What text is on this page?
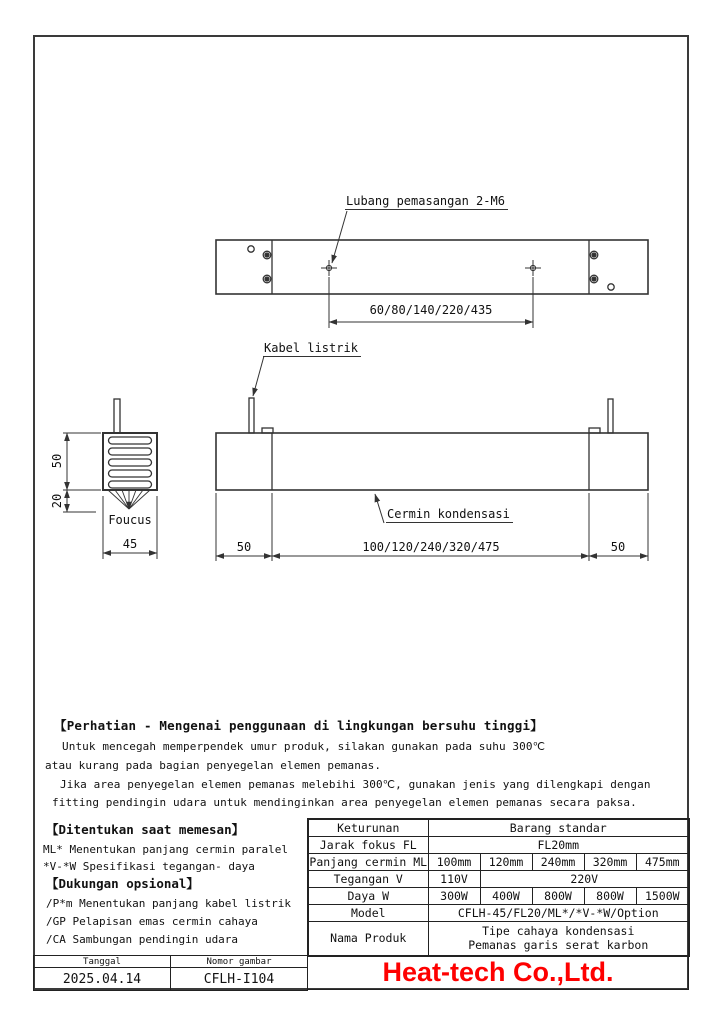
Lubang pemasangan 2-M6
60/80/140/220/435
Kabel listrik
Cermin kondensasi
50	100/120/240/320/475	50
Foucus
45
50
20
【Perhatian - Mengenai penggunaan di lingkungan bersuhu tinggi】
Untuk mencegah memperpendek umur produk, silakan gunakan pada suhu 300℃
atau kurang pada bagian penyegelan elemen pemanas.
Jika area penyegelan elemen pemanas melebihi 300℃, gunakan jenis yang dilengkapi dengan
fitting pendingin udara untuk mendinginkan area penyegelan elemen pemanas secara paksa.
【Ditentukan saat memesan】
ML* Menentukan panjang cermin paralel
*V-*W Spesifikasi tegangan- daya
【Dukungan opsional】
/P*m Menentukan panjang kabel listrik
/GP Pelapisan emas cermin cahaya
/CA Sambungan pendingin udara
Keturunan	Barang standar				
Jarak fokus FL	FL20mm				
Panjang cermin ML	100mm	120mm	240mm	320mm	475mm
Tegangan V	110V	220V			
Daya W	300W	400W	800W	800W	1500W
Model	CFLH-45/FL20/ML*/*V-*W/Option				
Nama Produk	Tipe cahaya kondensasi
Pemanas garis serat karbon				
Tanggal	Nomor gambar
2025.04.14	CFLH-I104	Heat-tech Co.,Ltd.
